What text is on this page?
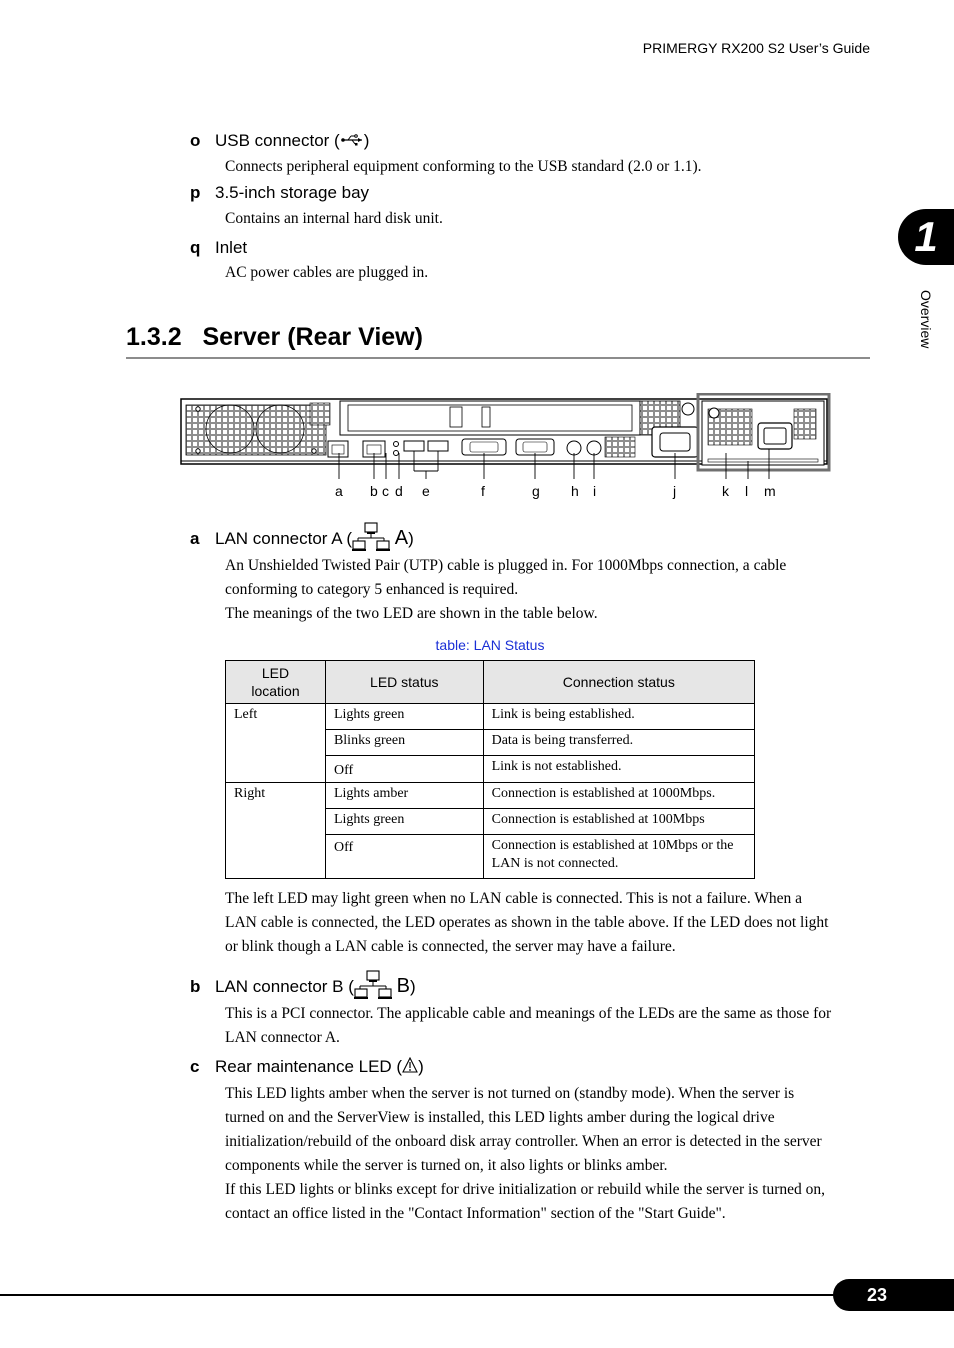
PRIMERGY RX200 S2 User’s Guide
1
Overview
o USB connector ( )
Connects peripheral equipment conforming to the USB standard (2.0 or 1.1).
p 3.5-inch storage bay
Contains an internal hard disk unit.
q Inlet
AC power cables are plugged in.
1.3.2   Server (Rear View)
a b c d e	f	g h i	j	k l m
a LAN connector A ( A)
An Unshielded Twisted Pair (UTP) cable is plugged in. For 1000Mbps connection, a cable
conforming to category 5 enhanced is required.
The meanings of the two LED are shown in the table below.
table: LAN Status
LED location	LED status	Connection status
Left	Lights green	Link is being established.
	Blinks green	Data is being transferred.
	Off	Link is not established.
Right	Lights amber	Connection is established at 1000Mbps.
	Lights green	Connection is established at 100Mbps
	Off	Connection is established at 10Mbps or the LAN is not connected.
The left LED may light green when no LAN cable is connected. This is not a failure. When a
LAN cable is connected, the LED operates as shown in the table above. If the LED does not light
or blink though a LAN cable is connected, the server may have a failure.
b LAN connector B ( B)
This is a PCI connector. The applicable cable and meanings of the LEDs are the same as those for
LAN connector A.
c Rear maintenance LED ( )
This LED lights amber when the server is not turned on (standby mode). When the server is
turned on and the ServerView is installed, this LED lights amber during the logical drive
initialization/rebuild of the onboard disk array controller. When an error is detected in the server
components while the server is turned on, it also lights or blinks amber.
If this LED lights or blinks except for drive initialization or rebuild while the server is turned on,
contact an office listed in the "Contact Information" section of the "Start Guide".
23
